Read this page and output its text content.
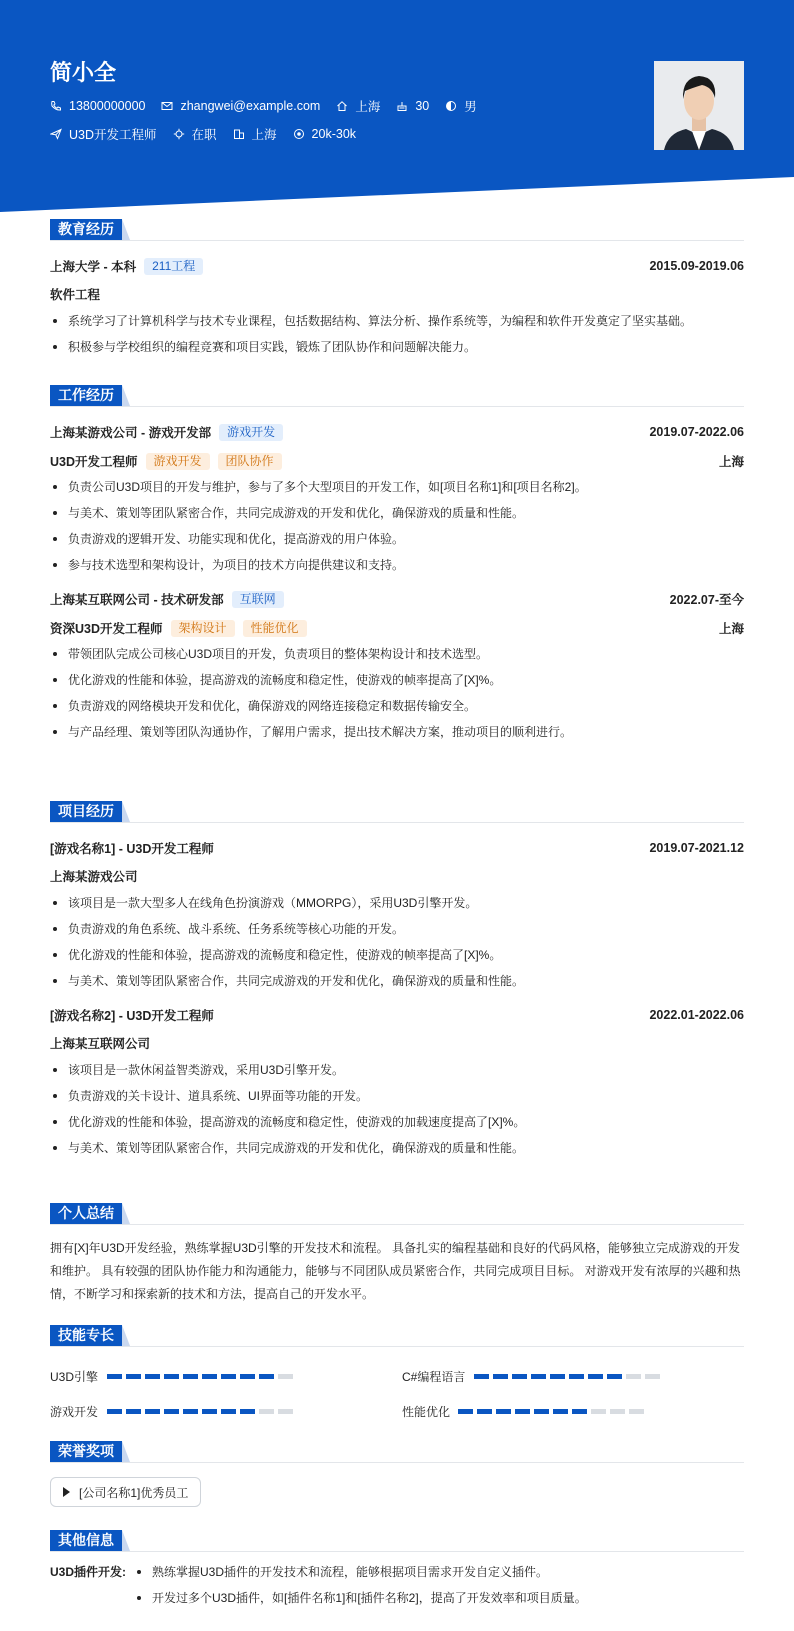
简小全
13800000000	zhangwei@example.com	上海	30	男
U3D开发工程师	在职	上海	20k-30k
教育经历
上海大学 - 本科	211工程	2015.09-2019.06
软件工程
系统学习了计算机科学与技术专业课程，包括数据结构、算法分析、操作系统等，为编程和软件开发奠定了坚实基础。
积极参与学校组织的编程竞赛和项目实践，锻炼了团队协作和问题解决能力。
工作经历
上海某游戏公司 - 游戏开发部	游戏开发	2019.07-2022.06
U3D开发工程师	游戏开发	团队协作	上海
负责公司U3D项目的开发与维护，参与了多个大型项目的开发工作，如[项目名称1]和[项目名称2]。
与美术、策划等团队紧密合作，共同完成游戏的开发和优化，确保游戏的质量和性能。
负责游戏的逻辑开发、功能实现和优化，提高游戏的用户体验。
参与技术选型和架构设计，为项目的技术方向提供建议和支持。
上海某互联网公司 - 技术研发部	互联网	2022.07-至今
资深U3D开发工程师	架构设计	性能优化	上海
带领团队完成公司核心U3D项目的开发，负责项目的整体架构设计和技术选型。
优化游戏的性能和体验，提高游戏的流畅度和稳定性，使游戏的帧率提高了[X]%。
负责游戏的网络模块开发和优化，确保游戏的网络连接稳定和数据传输安全。
与产品经理、策划等团队沟通协作，了解用户需求，提出技术解决方案，推动项目的顺利进行。
项目经历
[游戏名称1] - U3D开发工程师	2019.07-2021.12
上海某游戏公司
该项目是一款大型多人在线角色扮演游戏（MMORPG），采用U3D引擎开发。
负责游戏的角色系统、战斗系统、任务系统等核心功能的开发。
优化游戏的性能和体验，提高游戏的流畅度和稳定性，使游戏的帧率提高了[X]%。
与美术、策划等团队紧密合作，共同完成游戏的开发和优化，确保游戏的质量和性能。
[游戏名称2] - U3D开发工程师	2022.01-2022.06
上海某互联网公司
该项目是一款休闲益智类游戏，采用U3D引擎开发。
负责游戏的关卡设计、道具系统、UI界面等功能的开发。
优化游戏的性能和体验，提高游戏的流畅度和稳定性，使游戏的加载速度提高了[X]%。
与美术、策划等团队紧密合作，共同完成游戏的开发和优化，确保游戏的质量和性能。
个人总结

拥有[X]年U3D开发经验，熟练掌握U3D引擎的开发技术和流程。 具备扎实的编程基础和良好的代码风格，能够独立完成游戏的开发和维护。 具有较强的团队协作能力和沟通能力，能够与不同团队成员紧密合作，共同完成项目目标。 对游戏开发有浓厚的兴趣和热情，不断学习和探索新的技术和方法，提高自己的开发水平。

技能专长
U3D引擎	C#编程语言
游戏开发	性能优化
荣誉奖项
[公司名称1]优秀员工
其他信息
U3D插件开发:	熟练掌握U3D插件的开发技术和流程，能够根据项目需求开发自定义插件。
开发过多个U3D插件，如[插件名称1]和[插件名称2]，提高了开发效率和项目质量。
